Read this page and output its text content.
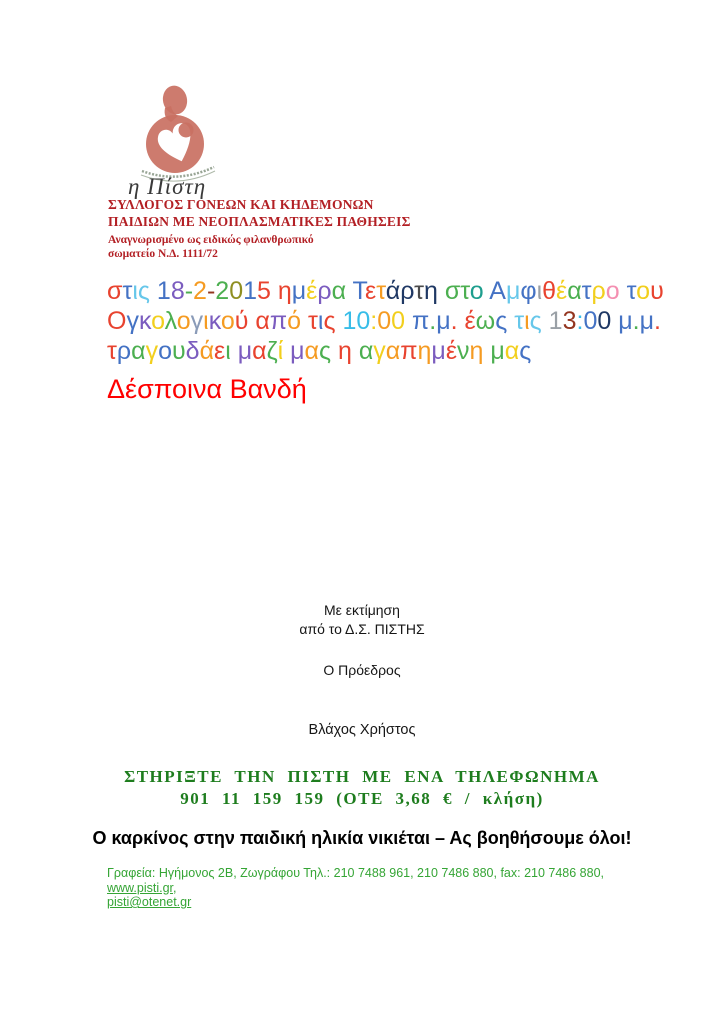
η Πίστη
ΣΥΛΛΟΓΟΣ ΓΟΝΕΩΝ ΚΑΙ ΚΗΔΕΜΟΝΩΝ
ΠΑΙΔΙΩΝ ΜΕ ΝΕΟΠΛΑΣΜΑΤΙΚΕΣ ΠΑΘΗΣΕΙΣ
Αναγνωρισμένο ως ειδικώς φιλανθρωπικό
σωματείο Ν.Δ. 1111/72
στις 18-2-2015 ημέρα Τετάρτη στο Αμφιθέατρο του
Ογκολογικού από τις 10:00 π.μ. έως τις 13:00 μ.μ.
τραγουδάει μαζί μας η αγαπημένη μας
Δέσποινα Βανδή
Με εκτίμηση
από το Δ.Σ. ΠΙΣΤΗΣ
Ο Πρόεδρος
Βλάχος Χρήστος
ΣΤΗΡΙΞΤΕ ΤΗΝ ΠΙΣΤΗ ΜΕ ΕΝΑ ΤΗΛΕΦΩΝΗΜΑ
901 11 159 159 (ΟΤΕ 3,68 € / κλήση)
Ο καρκίνος στην παιδική ηλικία νικιέται – Ας βοηθήσουμε όλοι!
Γραφεία: Ηγήμονος 2Β, Ζωγράφου Τηλ.: 210 7488 961, 210 7486 880, fax: 210 7486 880, www.pisti.gr,
pisti@otenet.gr
